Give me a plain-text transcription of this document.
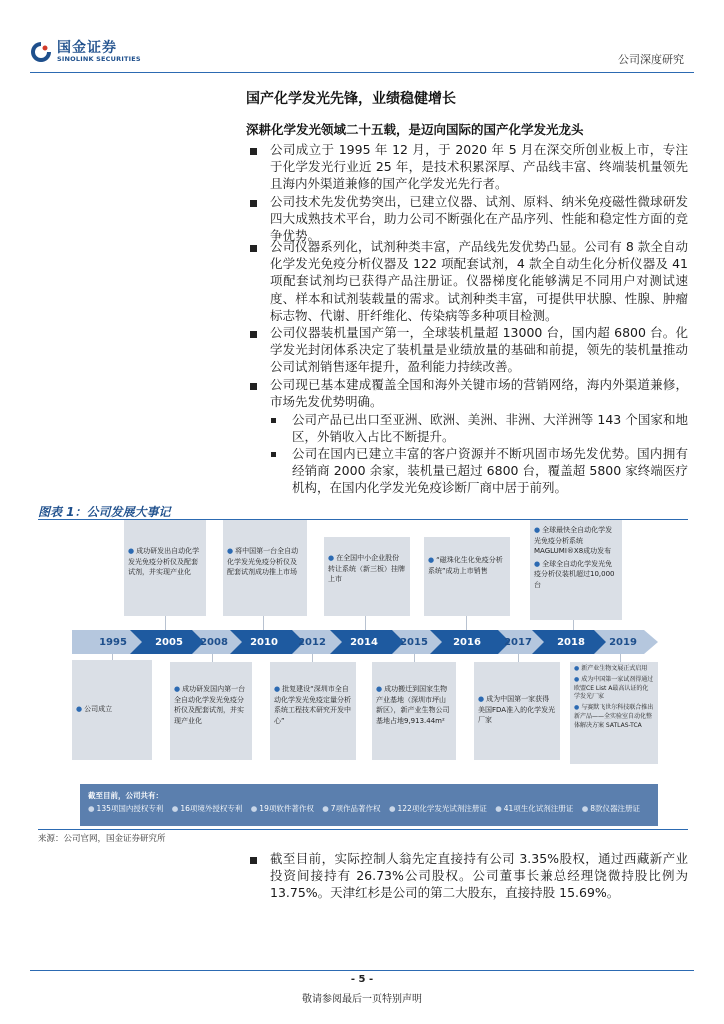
国金证券
SINOLINK SECURITIES	公司深度研究
国产化学发光先锋，业绩稳健增长
深耕化学发光领域二十五载，是迈向国际的国产化学发光龙头
公司成立于 1995 年 12 月，于 2020 年 5 月在深交所创业板上市，专注于化学发光行业近 25 年，是技术积累深厚、产品线丰富、终端装机量领先且海内外渠道兼修的国产化学发光先行者。
公司技术先发优势突出，已建立仪器、试剂、原料、纳米免疫磁性微球研发四大成熟技术平台，助力公司不断强化在产品序列、性能和稳定性方面的竞争优势。
公司仪器系列化，试剂种类丰富，产品线先发优势凸显。公司有 8 款全自动化学发光免疫分析仪器及 122 项配套试剂，4 款全自动生化分析仪器及 41 项配套试剂均已获得产品注册证。仪器梯度化能够满足不同用户对测试速度、样本和试剂装载量的需求。试剂种类丰富，可提供甲状腺、性腺、肿瘤标志物、代谢、肝纤维化、传染病等多种项目检测。
公司仪器装机量国产第一，全球装机量超 13000 台，国内超 6800 台。化学发光封闭体系决定了装机量是业绩放量的基础和前提，领先的装机量推动公司试剂销售逐年提升，盈利能力持续改善。
公司现已基本建成覆盖全国和海外关键市场的营销网络，海内外渠道兼修，市场先发优势明确。
公司产品已出口至亚洲、欧洲、美洲、非洲、大洋洲等 143 个国家和地区，外销收入占比不断提升。
公司在国内已建立丰富的客户资源并不断巩固市场先发优势。国内拥有经销商 2000 余家，装机量已超过 6800 台，覆盖超 5800 家终端医疗机构，在国内化学发光免疫诊断厂商中居于前列。
图表 1：公司发展大事记
● 成功研发出自动化学发光免疫分析仪及配套试剂，并实现产业化
● 将中国第一台全自动化学发光免疫分析仪及配套试剂成功推上市场
● 在全国中小企业股份转让系统（新三板）挂牌上市
● “磁珠化生化免疫分析系统”成功上市销售
● 全球最快全自动化学发光免疫分析系统MAGLUMI®X8成功发布
● 全球全自动化学发光免疫分析仪装机超过10,000台
1995	2005	2008	2010	2012	2014	2015	2016	2017	2018	2019
● 公司成立
● 成功研发国内第一台全自动化学发光免疫分析仪及配套试剂，并实现产业化
● 批复建设“深圳市全自动化学发光免疫定量分析系统工程技术研究开发中心”
● 成功搬迁到国家生物产业基地（深圳市坪山新区），新产业生物公司基地占地9,913.44m²
● 成为中国第一家获得美国FDA准入的化学发光厂家
● 新产业生物文展正式启用
● 成为中国第一家试剂得通过欧盟CE List A最高认证的化学发光厂家
● 与赛默飞世尔科技联合推出新产品——全实验室自动化整体解决方案 SATLAS-TCA
截至目前，公司共有：
● 135项国内授权专利 ● 16项境外授权专利 ● 19项软件著作权 ● 7项作品著作权 ● 122项化学发光试剂注册证 ● 41项生化试剂注册证 ● 8款仪器注册证
来源：公司官网，国金证券研究所
截至目前，实际控制人翁先定直接持有公司 3.35%股权，通过西藏新产业投资间接持有 26.73%公司股权。公司董事长兼总经理饶微持股比例为13.75%。天津红杉是公司的第二大股东，直接持股 15.69%。
- 5 -
敬请参阅最后一页特别声明
